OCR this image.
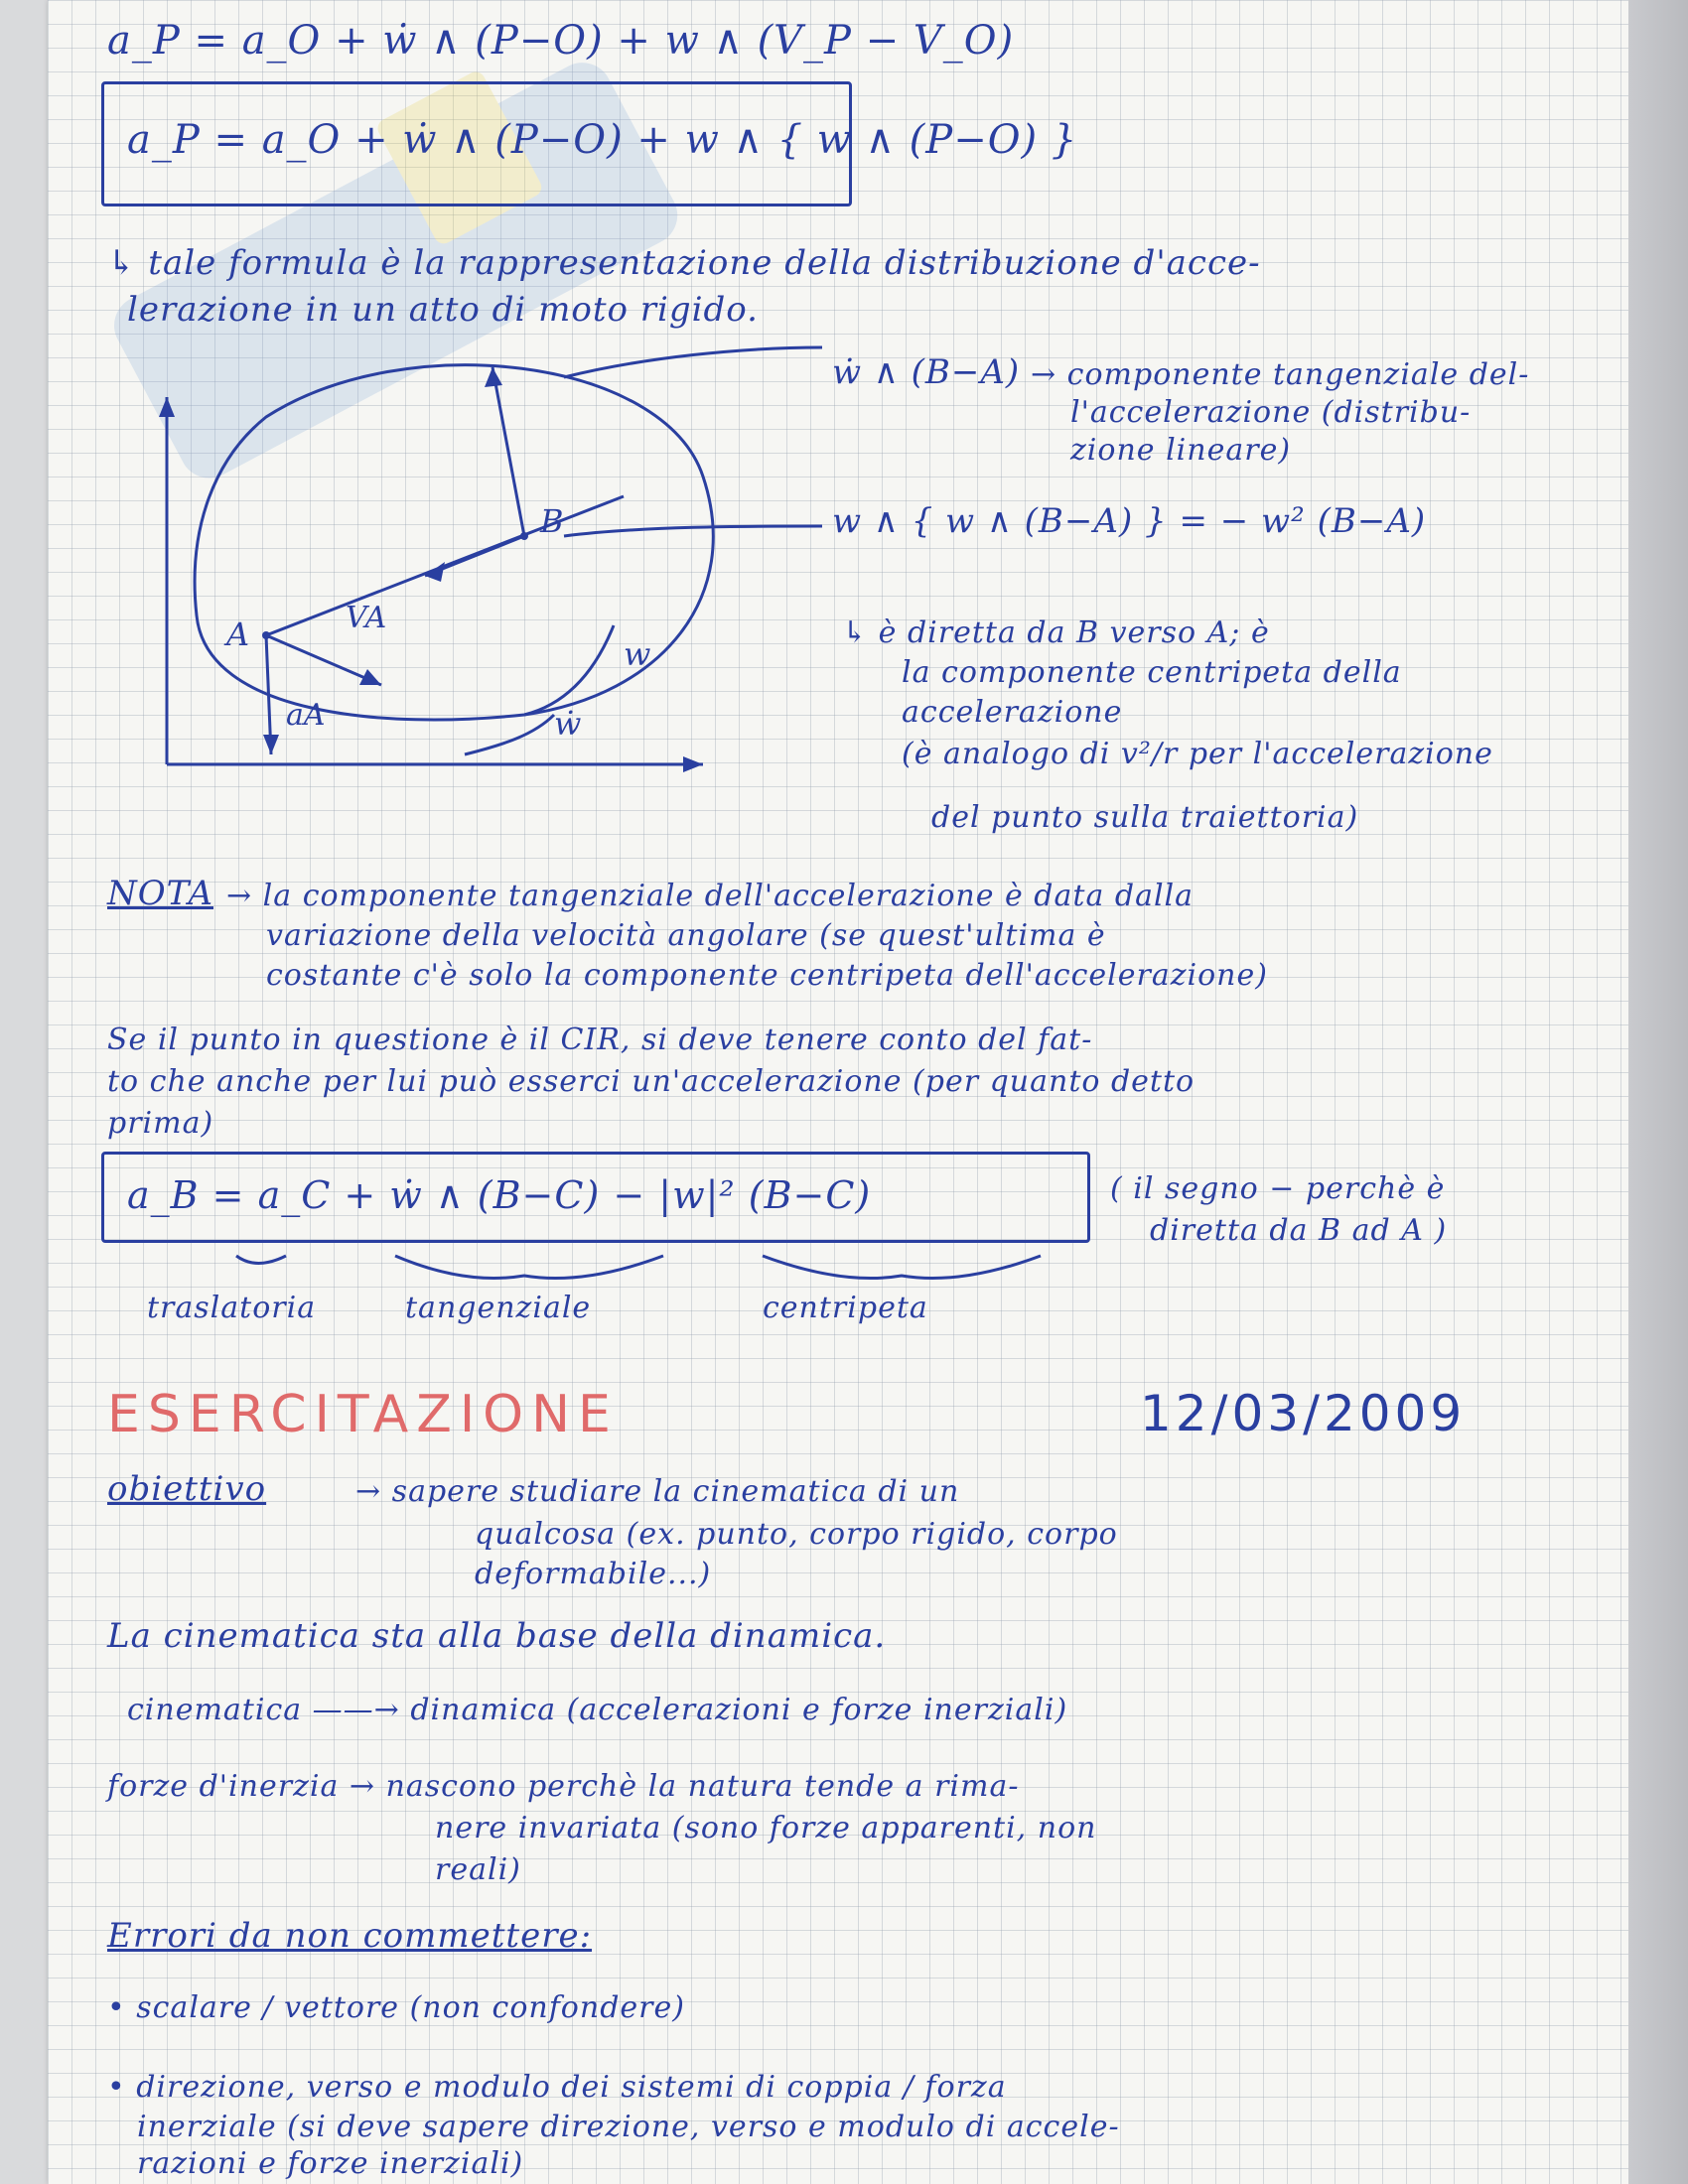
a_P = a_O + ẇ ∧ (P−O) + w ∧ (V_P − V_O)
a_P = a_O + ẇ ∧ (P−O) + w ∧ { w ∧ (P−O) }
↳ tale formula è la rappresentazione della distribuzione d'acce-
lerazione in un atto di moto rigido.
B
A	VA
aA
w
ẇ
ẇ ∧ (B−A) → componente tangenziale del-
l'accelerazione (distribu-
zione lineare)
w ∧ { w ∧ (B−A) } = − w² (B−A)
↳ è diretta da B verso A; è
la componente centripeta della
accelerazione
(è analogo di v²/r per l'accelerazione
del punto sulla traiettoria)
NOTA → la componente tangenziale dell'accelerazione è data dalla
variazione della velocità angolare (se quest'ultima è
costante c'è solo la componente centripeta dell'accelerazione)
Se il punto in questione è il CIR, si deve tenere conto del fat-
to che anche per lui può esserci un'accelerazione (per quanto detto
prima)
a_B = a_C + ẇ ∧ (B−C) − |w|² (B−C)	( il segno − perchè è
diretta da B ad A )
traslatoria	tangenziale	centripeta
ESERCITAZIONE	12/03/2009
obiettivo	→ sapere studiare la cinematica di un
qualcosa (ex. punto, corpo rigido, corpo
deformabile...)
La cinematica sta alla base della dinamica.
cinematica ——→ dinamica (accelerazioni e forze inerziali)
forze d'inerzia → nascono perchè la natura tende a rima-
nere invariata (sono forze apparenti, non
reali)
Errori da non commettere:
• scalare / vettore (non confondere)
• direzione, verso e modulo dei sistemi di coppia / forza
inerziale (si deve sapere direzione, verso e modulo di accele-
razioni e forze inerziali)
